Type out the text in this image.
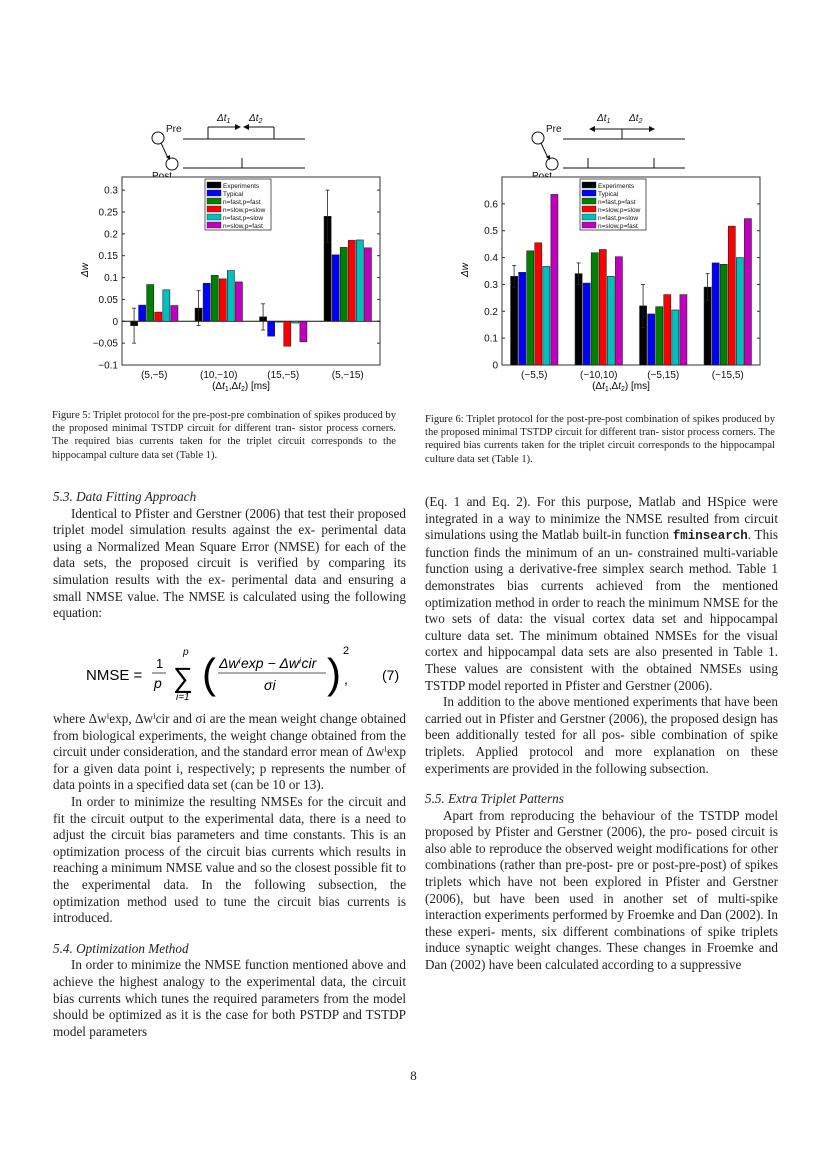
Pre
$\Delta t_1$ $\Delta t_2$
−0.1
−0.05
0
0.05
0.1
0.15
0.2
0.25
0.3
Δw
(5,−5)	(10,−10)	(15,−5)	(5,−15)
$(\Delta t_1,\Delta t_2)$ [ms]
Experiments
Typical
n=fast,p=fast
n=slow,p=slow
n=fast,p=slow
n=slow,p=fast
Figure 5: Triplet protocol for the pre-post-pre combination of spikes produced by the proposed minimal TSTDP circuit for different tran- sistor process corners. The required bias currents taken for the triplet circuit corresponds to the hippocampal culture data set (Table 1).
Pre
$\Delta t_1$ $\Delta t_2$
0
0.1
0.2
0.3
0.4
0.5
0.6
Δw
(−5,5)	(−10,10)	(−5,15)	(−15,5)
$(\Delta t_1,\Delta t_2)$ [ms]
Experiments
Typical
n=fast,p=fast
n=slow,p=slow
n=fast,p=slow
n=slow,p=fast
Figure 6: Triplet protocol for the post-pre-post combination of spikes produced by the proposed minimal TSTDP circuit for different tran- sistor process corners. The required bias currents taken for the triplet circuit corresponds to the hippocampal culture data set (Table 1).
5.3. Data Fitting Approach

Identical to Pfister and Gerstner (2006) that test their proposed triplet model simulation results against the ex- perimental data using a Normalized Mean Square Error (NMSE) for each of the data sets, the proposed circuit is verified by comparing its simulation results with the ex- perimental data and ensuring a small NMSE value. The NMSE is calculated using the following equation:

NMSE =
1
p ∑
p
i=1
( Δwⁱexp − Δwⁱcir
σi ) 2
, (7)

where Δwⁱexp, Δwⁱcir and σi are the mean weight change obtained from biological experiments, the weight change obtained from the circuit under consideration, and the standard error mean of Δwⁱexp for a given data point i, respectively; p represents the number of data points in a specified data set (can be 10 or 13).

In order to minimize the resulting NMSEs for the circuit and fit the circuit output to the experimental data, there is a need to adjust the circuit bias parameters and time constants. This is an optimization process of the circuit bias currents which results in reaching a minimum NMSE value and so the closest possible fit to the experimental data. In the following subsection, the optimization method used to tune the circuit bias currents is introduced.

5.4. Optimization Method

In order to minimize the NMSE function mentioned above and achieve the highest analogy to the experimental data, the circuit bias currents which tunes the required parameters from the model should be optimized as it is the case for both PSTDP and TSTDP model parameters

(Eq. 1 and Eq. 2). For this purpose, Matlab and HSpice were integrated in a way to minimize the NMSE resulted from circuit simulations using the Matlab built-in function fminsearch. This function finds the minimum of an un- constrained multi-variable function using a derivative-free simplex search method. Table 1 demonstrates bias currents achieved from the mentioned optimization method in order to reach the minimum NMSE for the two sets of data: the visual cortex data set and hippocampal culture data set. The minimum obtained NMSEs for the visual cortex and hippocampal data sets are also presented in Table 1. These values are consistent with the obtained NMSEs using TSTDP model reported in Pfister and Gerstner (2006).

In addition to the above mentioned experiments that have been carried out in Pfister and Gerstner (2006), the proposed design has been additionally tested for all pos- sible combination of spike triplets. Applied protocol and more explanation on these experiments are provided in the following subsection.

5.5. Extra Triplet Patterns

Apart from reproducing the behaviour of the TSTDP model proposed by Pfister and Gerstner (2006), the pro- posed circuit is also able to reproduce the observed weight modifications for other combinations (rather than pre-post- pre or post-pre-post) of spikes triplets which have not been explored in Pfister and Gerstner (2006), but have been used in another set of multi-spike interaction experiments performed by Froemke and Dan (2002). In these experi- ments, six different combinations of spike triplets induce synaptic weight changes. These changes in Froemke and Dan (2002) have been calculated according to a suppressive

8
